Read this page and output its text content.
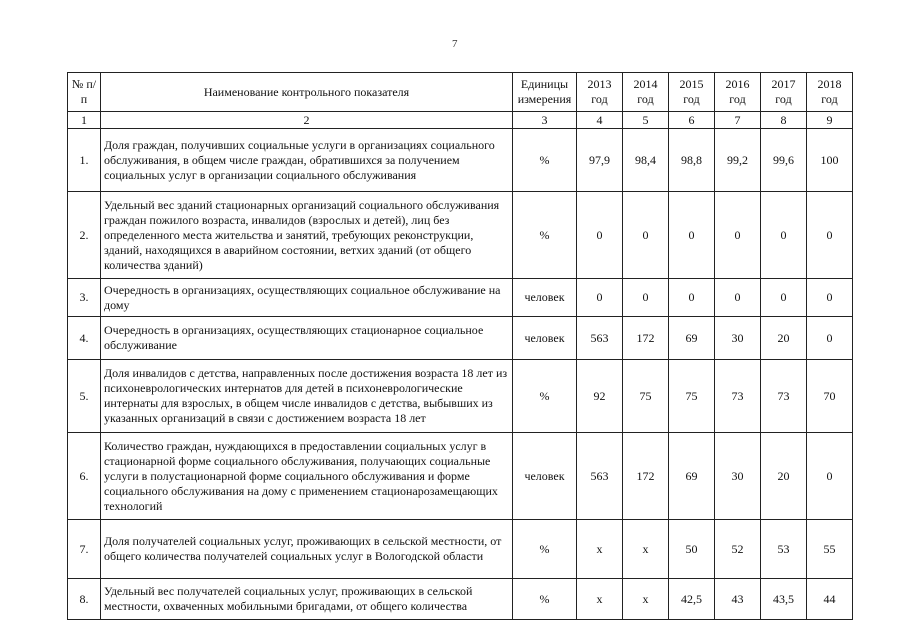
7
№ п/п	Наименование контрольного показателя	Единицы измерения	2013 год	2014 год	2015 год	2016 год	2017 год	2018 год
1	2	3	4	5	6	7	8	9
1.	Доля граждан, получивших социальные услуги в организациях социального обслуживания, в общем числе граждан, обратившихся за получением социальных услуг в организации социального обслуживания	%	97,9	98,4	98,8	99,2	99,6	100
2.	Удельный вес зданий стационарных организаций социального обслуживания граждан пожилого возраста, инвалидов (взрослых и детей), лиц без определенного места жительства и занятий, требующих реконструкции, зданий, находящихся в аварийном состоянии, ветхих зданий (от общего количества зданий)	%	0	0	0	0	0	0
3.	Очередность в организациях, осуществляющих социальное обслуживание на дому	человек	0	0	0	0	0	0
4.	Очередность в организациях, осуществляющих стационарное социальное обслуживание	человек	563	172	69	30	20	0
5.	Доля инвалидов с детства, направленных после достижения возраста 18 лет из психоневрологических интернатов для детей в психоневрологические интернаты для взрослых, в общем числе инвалидов с детства, выбывших из указанных организаций в связи с достижением возраста 18 лет	%	92	75	75	73	73	70
6.	Количество граждан, нуждающихся в предоставлении социальных услуг в стационарной форме социального обслуживания, получающих социальные услуги в полустационарной форме социального обслуживания и форме социального обслуживания на дому с применением стационарозамещающих технологий	человек	563	172	69	30	20	0
7.	Доля получателей социальных услуг, проживающих в сельской местности, от общего количества получателей социальных услуг в Вологодской области	%	x	x	50	52	53	55
8.	Удельный вес получателей социальных услуг, проживающих в сельской местности, охваченных мобильными бригадами, от общего количества	%	x	x	42,5	43	43,5	44
